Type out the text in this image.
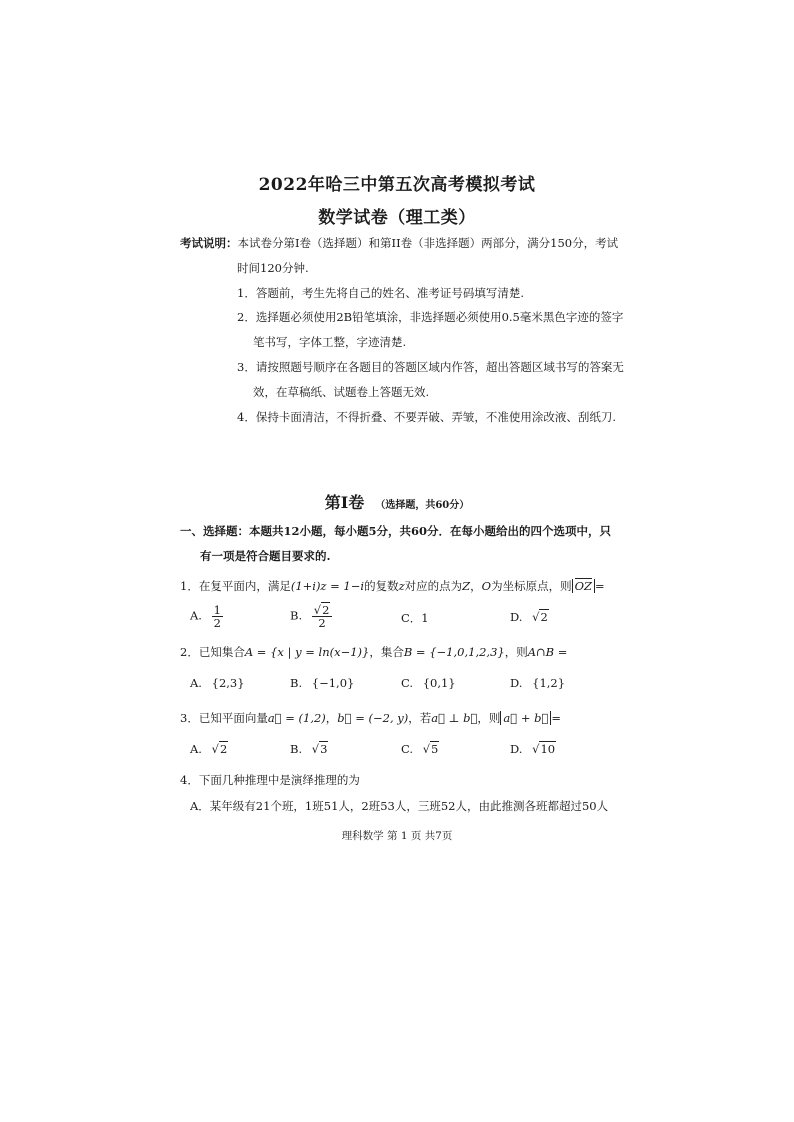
2022年哈三中第五次高考模拟考试
数学试卷（理工类）
考试说明：本试卷分第I卷（选择题）和第II卷（非选择题）两部分，满分150分，考试
时间120分钟.
1．答题前，考生先将自己的姓名、准考证号码填写清楚.
2．选择题必须使用2B铅笔填涂，非选择题必须使用0.5毫米黑色字迹的签字
笔书写，字体工整，字迹清楚.
3．请按照题号顺序在各题目的答题区域内作答，超出答题区域书写的答案无
效，在草稿纸、试题卷上答题无效.
4．保持卡面清洁，不得折叠、不要弄破、弄皱，不准使用涂改液、刮纸刀.
第Ⅰ卷 （选择题，共60分）
一、选择题：本题共12小题，每小题5分，共60分．在每小题给出的四个选项中，只
有一项是符合题目要求的.
1．在复平面内，满足(1+i)z = 1−i的复数z对应的点为Z，O为坐标原点，则 OZ =
A. $\frac{1}{2}$	B. $\frac{√2}{2}$	C．1	D. √2
2．已知集合A = {x | y = ln(x−1)}，集合B = {−1,0,1,2,3}，则A∩B =
A. {2,3}	B. {−1,0}	C. {0,1}	D. {1,2}
3．已知平面向量a⃗ = (1,2)，b⃗ = (−2, y)，若a⃗ ⊥ b⃗，则 a⃗ + b⃗ =
A. √2	B. √3	C. √5	D. √10
4．下面几种推理中是演绎推理的为
A．某年级有21个班，1班51人，2班53人，三班52人，由此推测各班都超过50人
理科数学 第 1 页 共7页
